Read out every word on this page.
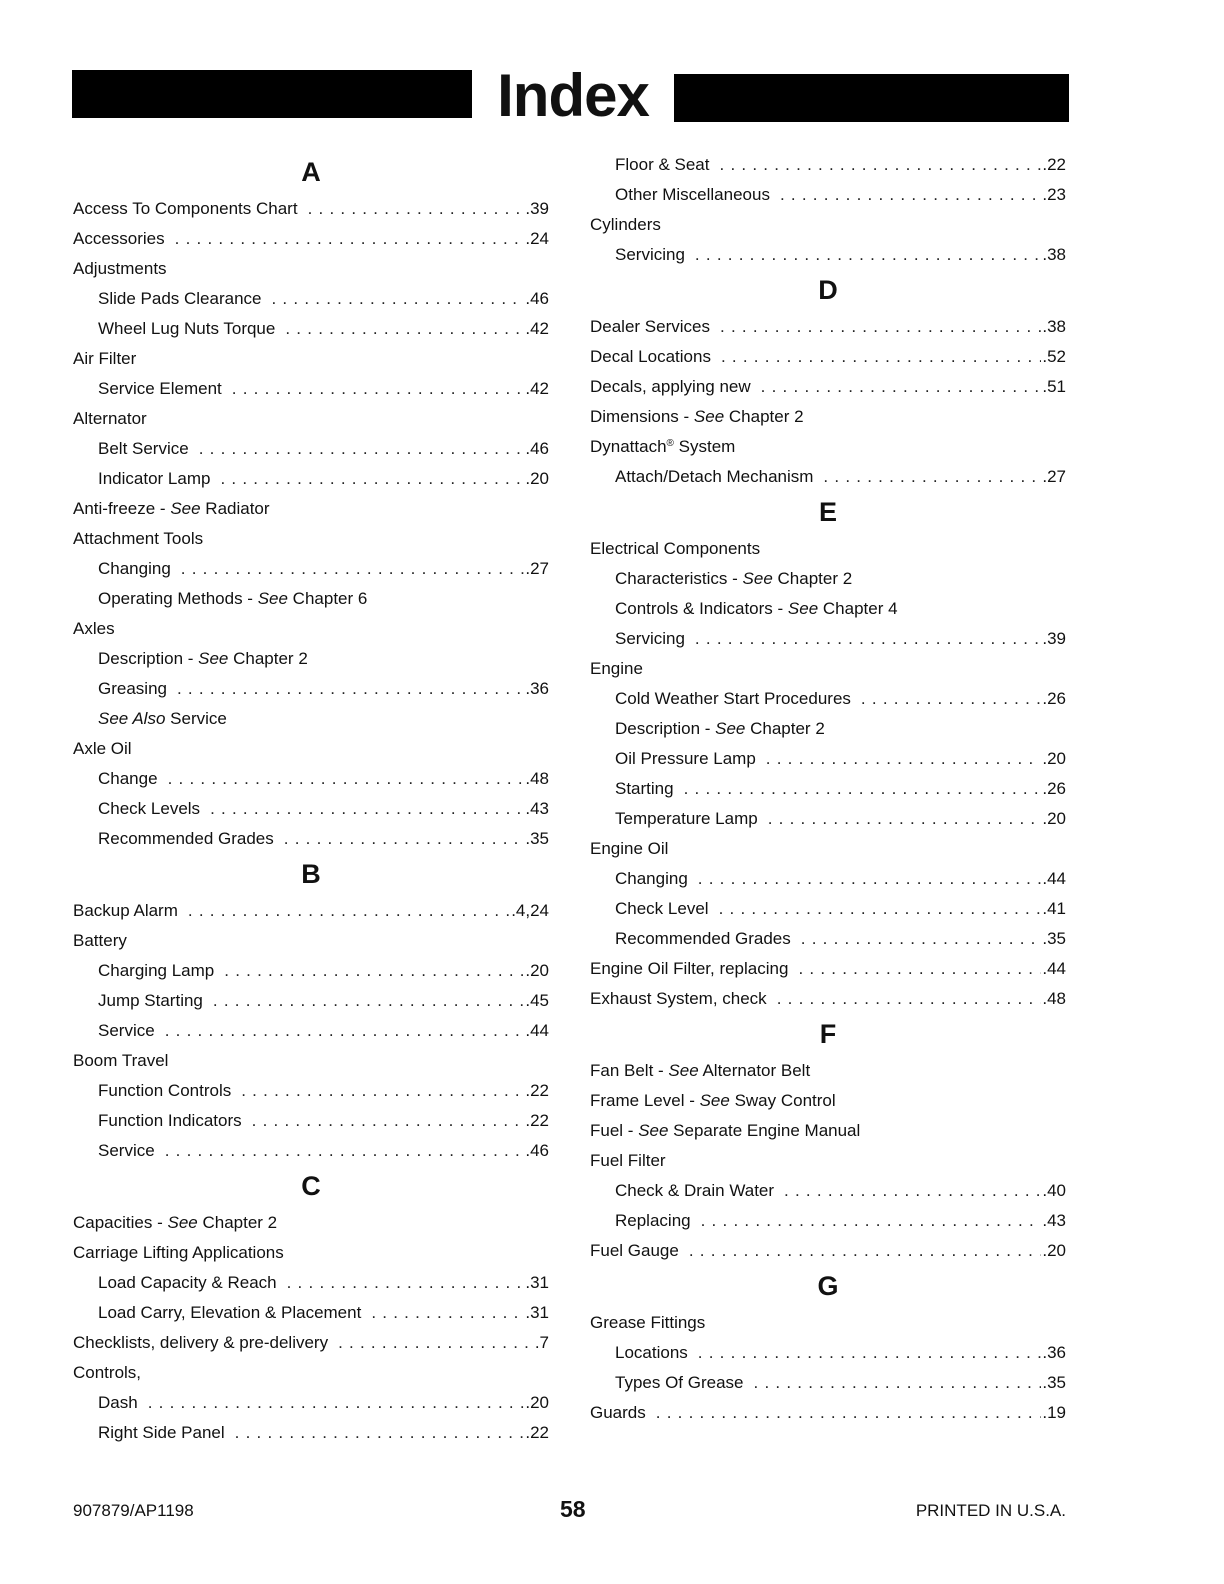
Index
A
Access To Components Chart . . .	.39
Accessories . . .	.24
Adjustments
Slide Pads Clearance . . .	.46
Wheel Lug Nuts Torque . . .	.42
Air Filter
Service Element . . .	.42
Alternator
Belt Service . . .	.46
Indicator Lamp . . .	.20
Anti-freeze - See Radiator
Attachment Tools
Changing . . .	.27
Operating Methods - See Chapter 6
Axles
Description - See Chapter 2
Greasing . . .	.36
See Also Service
Axle Oil
Change . . .	.48
Check Levels . . .	.43
Recommended Grades . . .	.35
B
Backup Alarm . . .	.4,24
Battery
Charging Lamp . . .	.20
Jump Starting . . .	.45
Service . . .	.44
Boom Travel
Function Controls . . .	.22
Function Indicators . . .	.22
Service . . .	.46
C
Capacities - See Chapter 2
Carriage Lifting Applications
Load Capacity & Reach . . .	.31
Load Carry, Elevation & Placement . . .	.31
Checklists, delivery & pre-delivery . . .	.7
Controls,
Dash . . .	.20
Right Side Panel . . .	.22
Floor & Seat . . .	.22
Other Miscellaneous . . .	.23
Cylinders
Servicing . . .	.38
D
Dealer Services . . .	.38
Decal Locations . . .	.52
Decals, applying new . . .	.51
Dimensions - See Chapter 2
Dynattach® System
Attach/Detach Mechanism . . .	.27
E
Electrical Components
Characteristics - See Chapter 2
Controls & Indicators - See Chapter 4
Servicing . . .	.39
Engine
Cold Weather Start Procedures . . .	.26
Description - See Chapter 2
Oil Pressure Lamp . . .	.20
Starting . . .	.26
Temperature Lamp . . .	.20
Engine Oil
Changing . . .	.44
Check Level . . .	.41
Recommended Grades . . .	.35
Engine Oil Filter, replacing . . .	.44
Exhaust System, check . . .	.48
F
Fan Belt - See Alternator Belt
Frame Level - See Sway Control
Fuel - See Separate Engine Manual
Fuel Filter
Check & Drain Water . . .	.40
Replacing . . .	.43
Fuel Gauge . . .	.20
G
Grease Fittings
Locations . . .	.36
Types Of Grease . . .	.35
Guards . . .	.19
907879/AP1198	58	PRINTED IN U.S.A.
